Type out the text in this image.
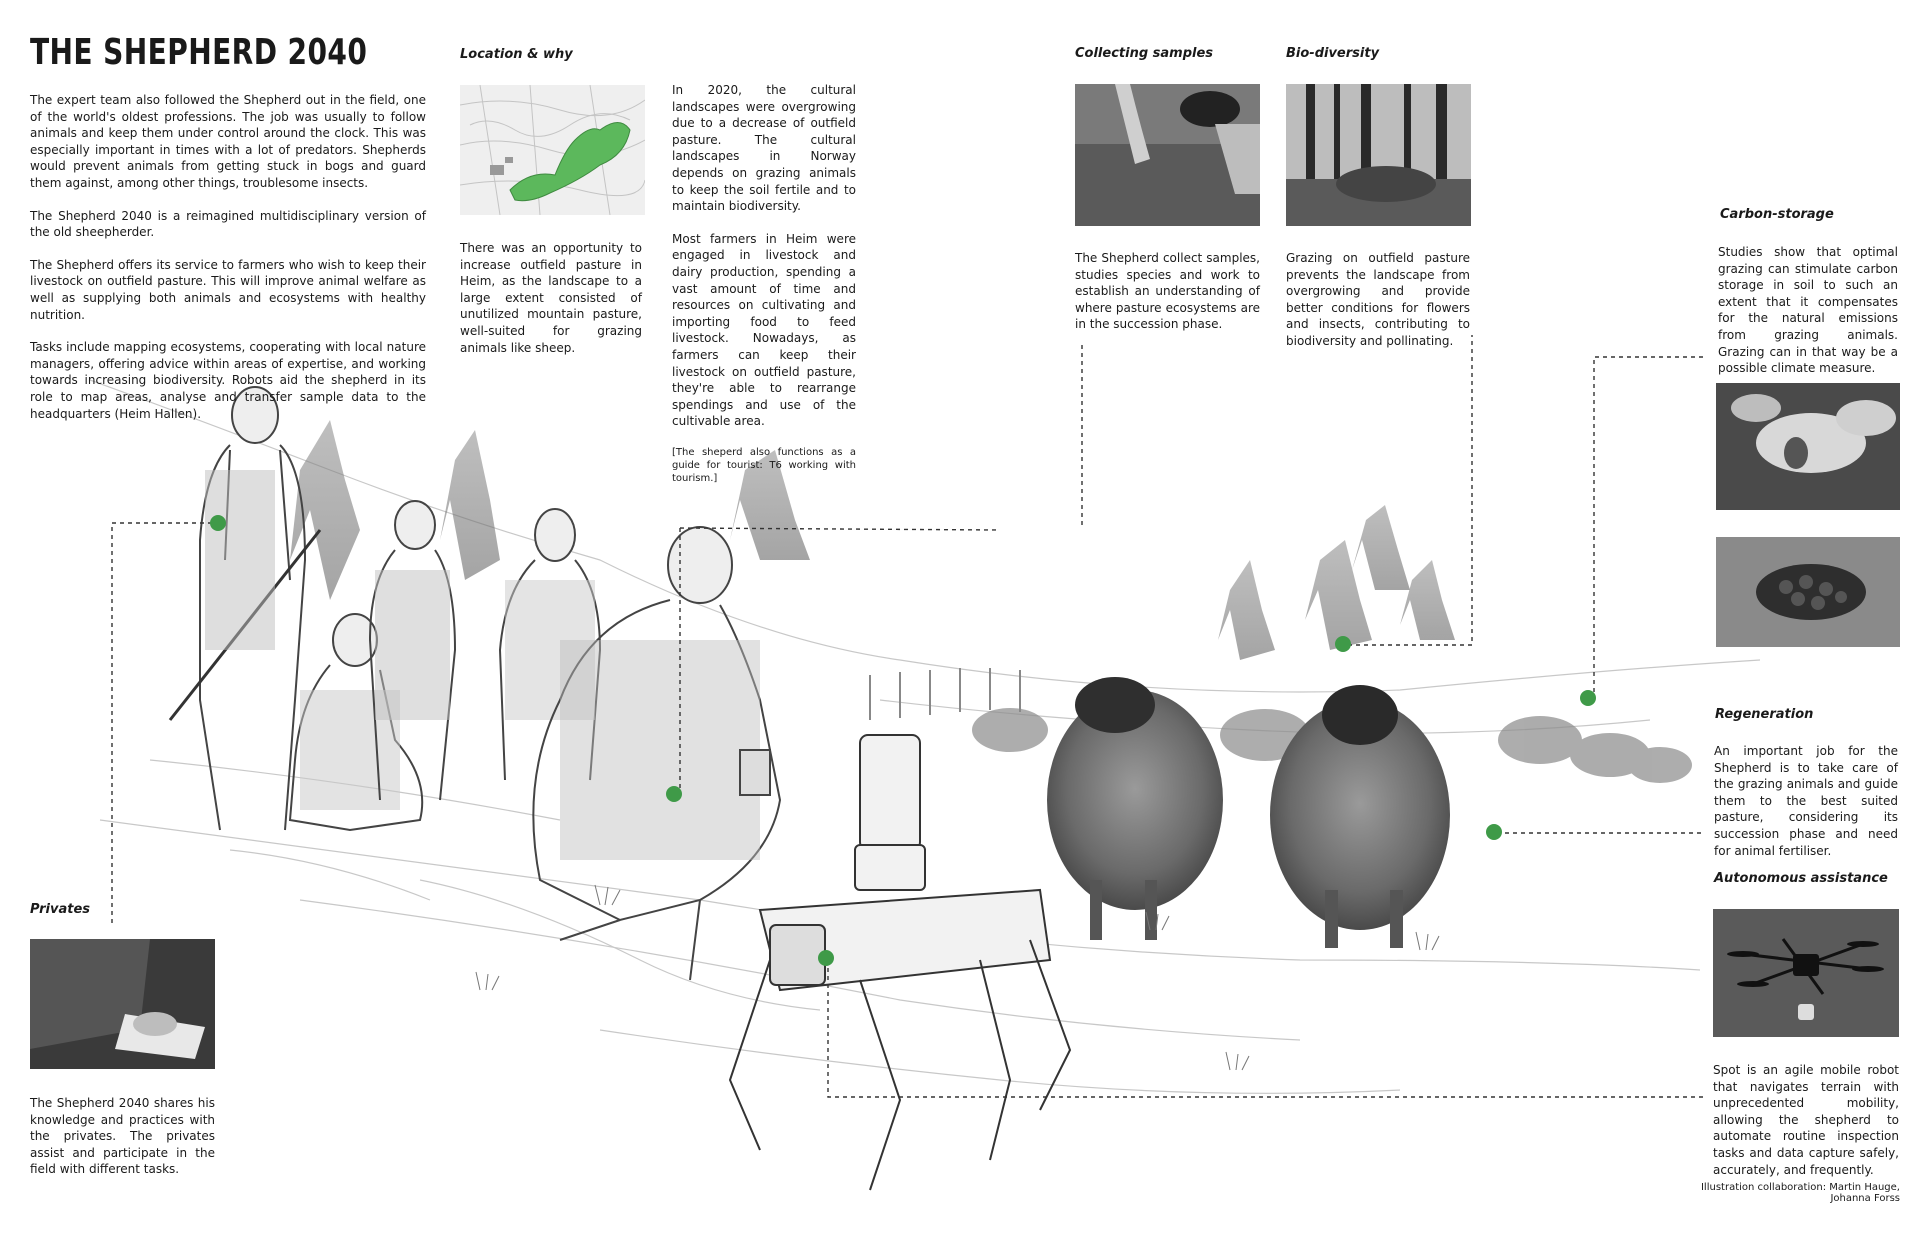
THE SHEPHERD 2040

The expert team also followed the Shepherd out in the field, one of the world's oldest professions. The job was usually to follow animals and keep them under control around the clock. This was especially important in times with a lot of predators. Shepherds would prevent animals from getting stuck in bogs and guard them against, among other things, troublesome insects.

The Shepherd 2040 is a reimagined multidisciplinary version of the old sheepherder.

The Shepherd offers its service to farmers who wish to keep their livestock on outfield pasture. This will improve animal welfare as well as supplying both animals and ecosystems with healthy nutrition.

Tasks include mapping ecosystems, cooperating with local nature managers, offering advice within areas of expertise, and working towards increasing biodiversity. Robots aid the shepherd in its role to map areas, analyse and transfer sample data to the headquarters (Heim Hallen).

Location & why

There was an opportunity to increase outfield pasture in Heim, as the landscape to a large extent consisted of unutilized mountain pasture, well-suited for grazing animals like sheep.

In 2020, the cultural landscapes were overgrowing due to a decrease of outfield pasture. The cultural landscapes in Norway depends on grazing animals to keep the soil fertile and to maintain biodiversity.

Most farmers in Heim were engaged in livestock and dairy production, spending a vast amount of time and resources on cultivating and importing food to feed livestock. Nowadays, as farmers can keep their livestock on outfield pasture, they're able to rearrange spendings and use of the cultivable area.

[The sheperd also functions as a guide for tourist: T6 working with tourism.]

Collecting samples

The Shepherd collect samples, studies species and work to establish an understanding of where pasture ecosystems are in the succession phase.

Bio-diversity

Grazing on outfield pasture prevents the landscape from overgrowing and provide better conditions for flowers and insects, contributing to biodiversity and pollinating.

Carbon-storage

Studies show that optimal grazing can stimulate carbon storage in soil to such an extent that it compensates for the natural emissions from grazing animals. Grazing can in that way be a possible climate measure.

Regeneration

An important job for the Shepherd is to take care of the grazing animals and guide them to the best suited pasture, considering its succession phase and need for animal fertiliser.

Autonomous assistance

Spot is an agile mobile robot that navigates terrain with unprecedented mobility, allowing the shepherd to automate routine inspection tasks and data capture safely, accurately, and frequently.

Privates

The Shepherd 2040 shares his knowledge and practices with the privates. The privates assist and participate in the field with different tasks.

Illustration collaboration: Martin Hauge, Johanna Forss
